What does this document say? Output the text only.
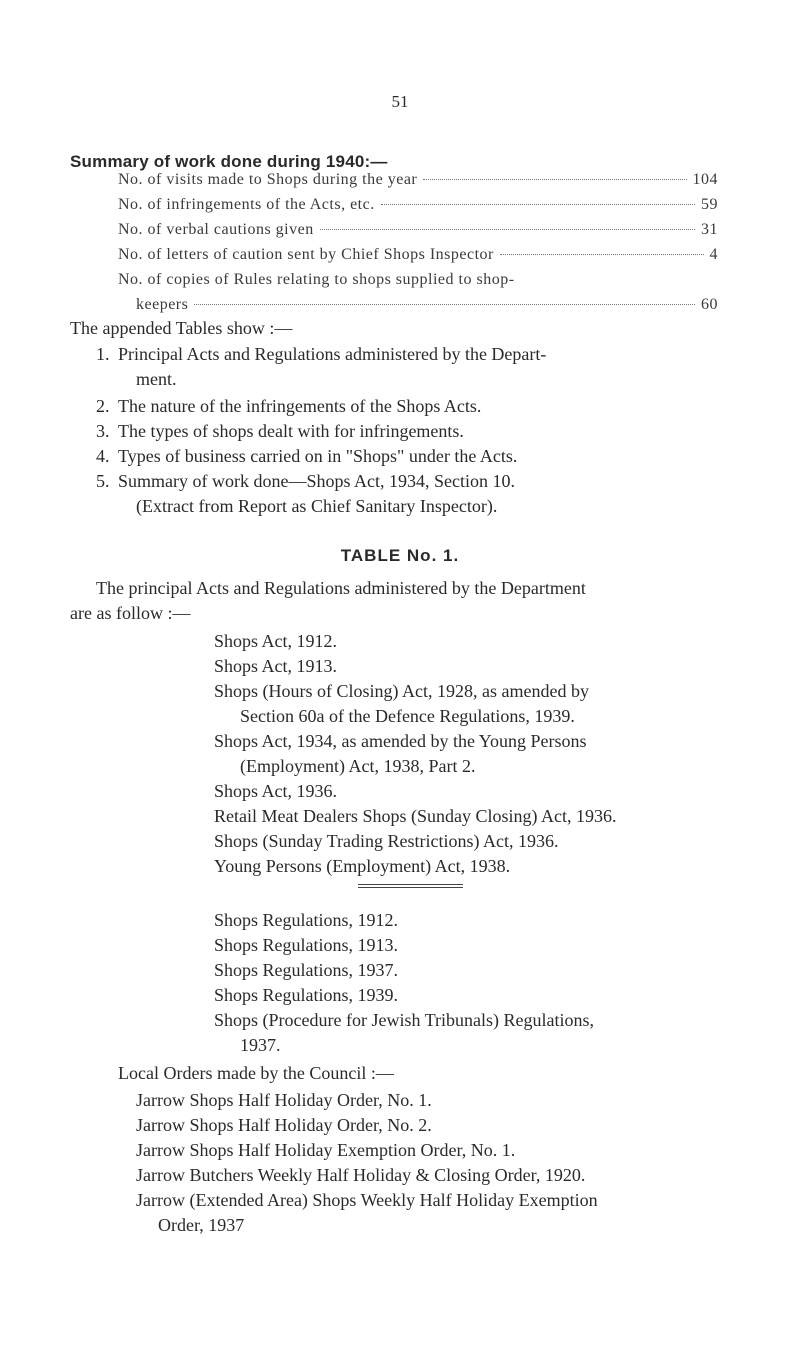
51
Summary of work done during 1940:—
No. of visits made to Shops during the year	104
No. of infringements of the Acts, etc.	59
No. of verbal cautions given	31
No. of letters of caution sent by Chief Shops Inspector	4
No. of copies of Rules relating to shops supplied to shop-
keepers	60
The appended Tables show :—
1. Principal Acts and Regulations administered by the Depart-
ment.
2. The nature of the infringements of the Shops Acts.
3. The types of shops dealt with for infringements.
4. Types of business carried on in "Shops" under the Acts.
5. Summary of work done—Shops Act, 1934, Section 10.
(Extract from Report as Chief Sanitary Inspector).
TABLE No. 1.
The principal Acts and Regulations administered by the Department
are as follow :—
Shops Act, 1912.
Shops Act, 1913.
Shops (Hours of Closing) Act, 1928, as amended by
Section 60a of the Defence Regulations, 1939.
Shops Act, 1934, as amended by the Young Persons
(Employment) Act, 1938, Part 2.
Shops Act, 1936.
Retail Meat Dealers Shops (Sunday Closing) Act, 1936.
Shops (Sunday Trading Restrictions) Act, 1936.
Young Persons (Employment) Act, 1938.
Shops Regulations, 1912.
Shops Regulations, 1913.
Shops Regulations, 1937.
Shops Regulations, 1939.
Shops (Procedure for Jewish Tribunals) Regulations,
1937.
Local Orders made by the Council :—
Jarrow Shops Half Holiday Order, No. 1.
Jarrow Shops Half Holiday Order, No. 2.
Jarrow Shops Half Holiday Exemption Order, No. 1.
Jarrow Butchers Weekly Half Holiday & Closing Order, 1920.
Jarrow (Extended Area) Shops Weekly Half Holiday Exemption
Order, 1937
